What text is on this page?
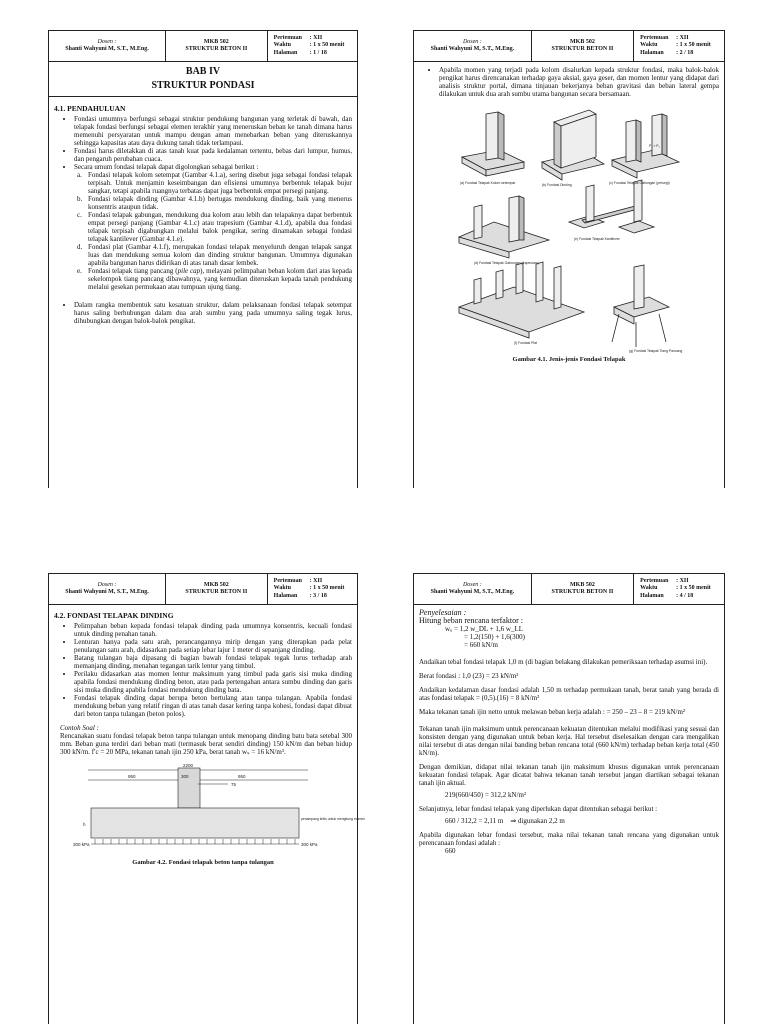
Dosen :
Shanti Wahyuni M, S.T., M.Eng.
MKB 502
STRUKTUR BETON II
Pertemuan	: XII
Waktu	: 1 x 50 menit
Halaman	: 1 / 18
BAB IV
STRUKTUR PONDASI
4.1. PENDAHULUAN
• Fondasi umumnya berfungsi sebagai struktur pendukung bangunan yang terletak di bawah, dan telapak fondasi berfungsi sebagai elemen terakhir yang meneruskan beban ke tanah dimana harus memenuhi persyaratan untuk mampu dengan aman menebarkan beban yang diteruskannya sehingga kapasitas atau daya dukung tanah tidak terlampaui.
• Fondasi harus diletakkan di atas tanah kuat pada kedalaman tertentu, bebas dari lumpur, humus, dan pengaruh perubahan cuaca.
• Secara umum fondasi telapak dapat digolongkan sebagai berikut :
a. Fondasi telapak kolom setempat (Gambar 4.1.a), sering disebut juga sebagai fondasi telapak terpisah. Untuk menjamin keseimbangan dan efisiensi umumnya berbentuk telapak bujur sangkar, tetapi apabila ruangnya terbatas dapat juga berbentuk empat persegi panjang.
b. Fondasi telapak dinding (Gambar 4.1.b) bertugas mendukung dinding, baik yang menerus konsentris ataupun tidak.
c. Fondasi telapak gabungan, mendukung dua kolom atau lebih dan telapaknya dapat berbentuk empat persegi panjang (Gambar 4.1.c) atau trapesium (Gambar 4.1.d), apabila dua fondasi telapak terpisah digabungkan melalui balok pengikat, sering dinamakan sebagai fondasi telapak kantilever (Gambar 4.1.e).
d. Fondasi plat (Gambar 4.1.f), merupakan fondasi telapak menyeluruh dengan telapak sangat luas dan mendukung semua kolom dan dinding struktur bangunan. Umumnya digunakan apabila bangunan harus didirikan di atas tanah dasar lembek.
e. Fondasi telapak tiang pancang (pile cap), melayani pelimpahan beban kolom dari atas kepada sekelompok tiang pancang dibawahnya, yang kemudian diteruskan kepada tanah pendukung melalui gesekan permukaan atau tumpuan ujung tiang.
• Dalam rangka membentuk satu kesatuan struktur, dalam pelaksanaan fondasi telapak setempat harus saling berhubungan dalam dua arah sumbu yang pada umumnya saling tegak lurus, dihubungkan dengan balok-balok pengikat.
Dosen :
Shanti Wahyuni M, S.T., M.Eng.
MKB 502
STRUKTUR BETON II
Pertemuan	: XII
Waktu	: 1 x 50 menit
Halaman	: 2 / 18
• Apabila momen yang terjadi pada kolom disalurkan kepada struktur fondasi, maka balok-balok pengikat harus direncanakan terhadap gaya aksial, gaya geser, dan momen lentur yang didapat dari analisis struktur portal, dimana tinjauan bekerjanya beban gravitasi dan beban lateral gempa dilakukan untuk dua arah sumbu utama bangunan secara bersamaan.
(a) Fondasi Telapak Kolom setempat	(b) Fondasi Dinding	(c) Fondasi Telapak Gabungan (persegi)
(d) Fondasi Telapak Gabungan (trapesium)
(e) Fondasi Telapak Kantilever
(f) Fondasi Plat
(g) Fondasi Telapak Tiang Pancang
P₁ > P₂
Gambar 4.1. Jenis-jenis Fondasi Telapak
Dosen :
Shanti Wahyuni M, S.T., M.Eng.
MKB 502
STRUKTUR BETON II
Pertemuan	: XII
Waktu	: 1 x 50 menit
Halaman	: 3 / 18
4.2. FONDASI TELAPAK DINDING
• Pelimpahan beban kepada fondasi telapak dinding pada umumnya konsentris, kecuali fondasi untuk dinding penahan tanah.
• Lenturan hanya pada satu arah, perancangannya mirip dengan yang diterapkan pada pelat penulangan satu arah, didasarkan pada setiap lebar lajur 1 meter di sepanjang dinding.
• Batang tulangan baja dipasang di bagian bawah fondasi telapak tegak lurus terhadap arah memanjang dinding, menahan tegangan tarik lentur yang timbul.
• Perilaku didasarkan atas momen lentur maksimum yang timbul pada garis sisi muka dinding apabila fondasi mendukung dinding beton, atau pada pertengahan antara sumbu dinding dan garis sisi muka dinding apabila fondasi mendukung dinding bata.
• Fondasi telapak dinding dapat berupa beton bertulang atau tanpa tulangan. Apabila fondasi mendukung beban yang relatif ringan di atas tanah dasar kering tanpa kohesi, fondasi dapat dibuat dari beton tanpa tulangan (beton polos).
Contoh Soal :
Rencanakan suatu fondasi telapak beton tanpa tulangan untuk menopang dinding batu bata setebal 300 mm. Beban guna terdiri dari beban mati (termasuk berat sendiri dinding) 150 kN/m dan beban hidup 300 kN/m. f′c = 20 MPa, tekanan tanah ijin 250 kPa, berat tanah wₛ = 16 kN/m³.
2200
950	300	950
75
h
penampang kritis untuk mengitung momen
300 kPa	300 kPa
Gambar 4.2. Fondasi telapak beton tanpa tulangan
Dosen :
Shanti Wahyuni M, S.T., M.Eng.
MKB 502
STRUKTUR BETON II
Pertemuan	: XII
Waktu	: 1 x 50 menit
Halaman	: 4 / 18
Penyelesaian :
Hitung beban rencana terfaktor :
wᵤ = 1,2 w_DL + 1,6 w_LL
= 1,2(150) + 1,6(300)
= 660 kN/m
Andaikan tebal fondasi telapak 1,0 m (di bagian belakang dilakukan pemeriksaan terhadap asumsi ini).
Berat fondasi : 1,0 (23) = 23 kN/m²
Andaikan kedalaman dasar fondasi adalah 1,50 m terhadap permukaan tanah, berat tanah yang berada di atas fondasi telapak = (0,5).(16) = 8 kN/m²
Maka tekanan tanah ijin netto untuk melawan beban kerja adalah : = 250 – 23 – 8 = 219 kN/m²
Tekanan tanah ijin maksimum untuk perencanaan kekuatan ditentukan melalui modifikasi yang sesuai dan konsisten dengan yang digunakan untuk beban kerja. Hal tersebut diselesaikan dengan cara mengalikan nilai tersebut di atas dengan nilai banding beban rencana total (660 kN/m) terhadap beban kerja total (450 kN/m).
Dengan demikian, didapat nilai tekanan tanah ijin maksimum khusus digunakan untuk perencanaan kekuatan fondasi telapak. Agar dicatat bahwa tekanan tanah tersebut jangan diartikan sebagai tekanan tanah ijin aktual.
219(660/450) = 312,2 kN/m²
Selanjutnya, lebar fondasi telapak yang diperlukan dapat ditentukan sebagai berikut :
660 / 312,2 = 2,11 m ⇒ digunakan 2,2 m
Apabila digunakan lebar fondasi tersebut, maka nilai tekanan tanah rencana yang digunakan untuk perencanaan fondasi adalah :
660
